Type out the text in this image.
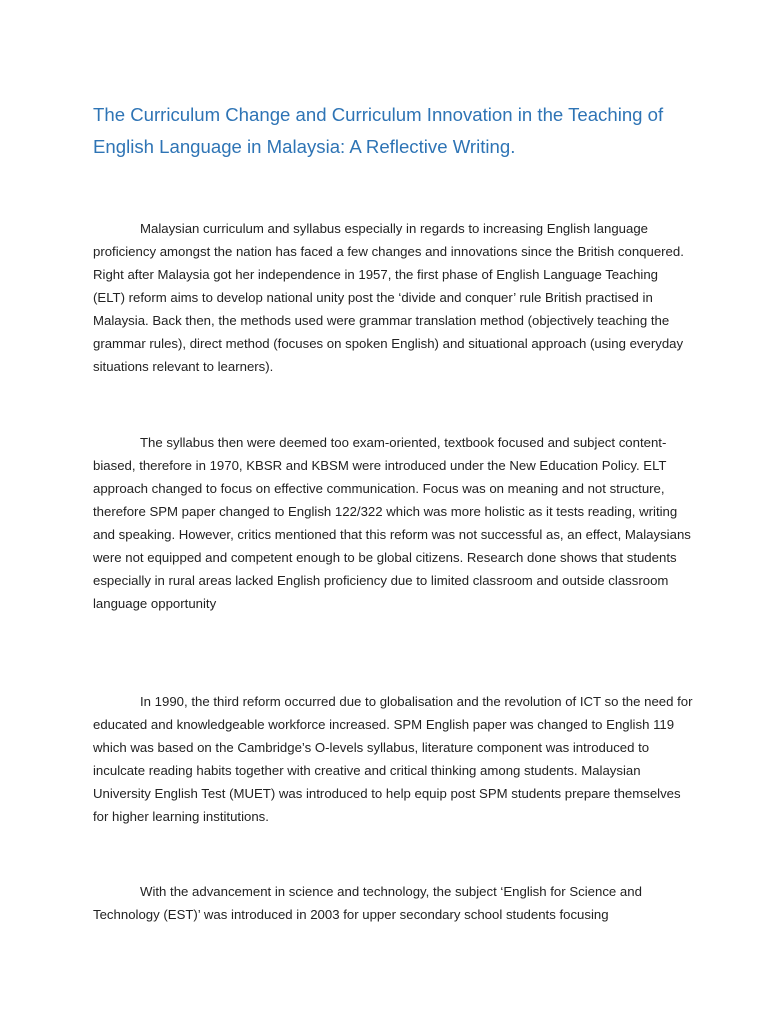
The Curriculum Change and Curriculum Innovation in the Teaching of English Language in Malaysia: A Reflective Writing.

Malaysian curriculum and syllabus especially in regards to increasing English language proficiency amongst the nation has faced a few changes and innovations since the British conquered. Right after Malaysia got her independence in 1957, the first phase of English Language Teaching (ELT) reform aims to develop national unity post the ‘divide and conquer’ rule British practised in Malaysia. Back then, the methods used were grammar translation method (objectively teaching the grammar rules), direct method (focuses on spoken English) and situational approach (using everyday situations relevant to learners).

The syllabus then were deemed too exam-oriented, textbook focused and subject content-biased, therefore in 1970, KBSR and KBSM were introduced under the New Education Policy. ELT approach changed to focus on effective communication. Focus was on meaning and not structure, therefore SPM paper changed to English 122/322 which was more holistic as it tests reading, writing and speaking. However, critics mentioned that this reform was not successful as, an effect, Malaysians were not equipped and competent enough to be global citizens. Research done shows that students especially in rural areas lacked English proficiency due to limited classroom and outside classroom language opportunity

In 1990, the third reform occurred due to globalisation and the revolution of ICT so the need for educated and knowledgeable workforce increased. SPM English paper was changed to English 119 which was based on the Cambridge’s O-levels syllabus, literature component was introduced to inculcate reading habits together with creative and critical thinking among students. Malaysian University English Test (MUET) was introduced to help equip post SPM students prepare themselves for higher learning institutions.

With the advancement in science and technology, the subject ‘English for Science and Technology (EST)’ was introduced in 2003 for upper secondary school students focusing
